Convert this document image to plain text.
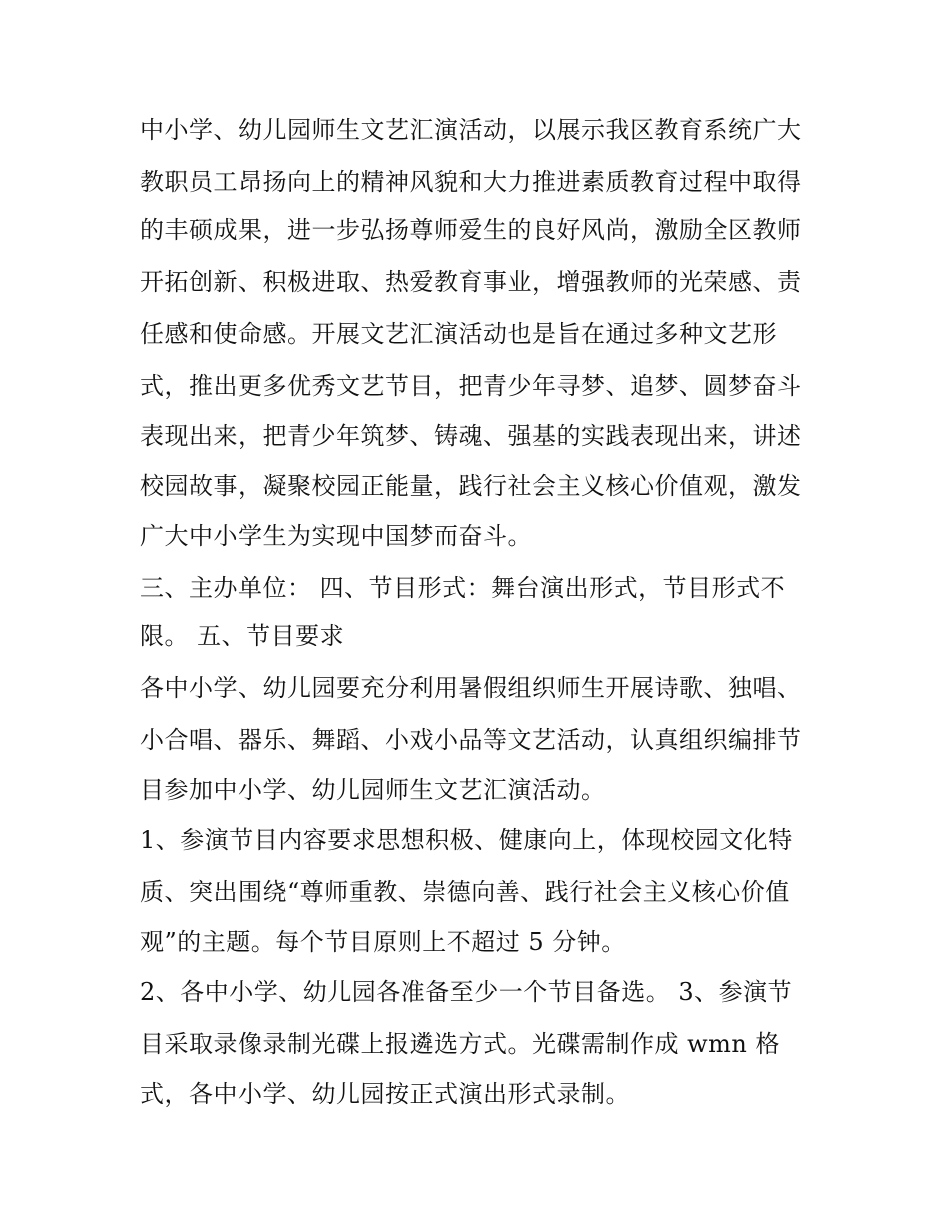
中小学、幼儿园师生文艺汇演活动，以展示我区教育系统广大
教职员工昂扬向上的精神风貌和大力推进素质教育过程中取得
的丰硕成果，进一步弘扬尊师爱生的良好风尚，激励全区教师
开拓创新、积极进取、热爱教育事业，增强教师的光荣感、责
任感和使命感。开展文艺汇演活动也是旨在通过多种文艺形
式，推出更多优秀文艺节目，把青少年寻梦、追梦、圆梦奋斗
表现出来，把青少年筑梦、铸魂、强基的实践表现出来，讲述
校园故事，凝聚校园正能量，践行社会主义核心价值观，激发
广大中小学生为实现中国梦而奋斗。
三、主办单位： 四、节目形式：舞台演出形式，节目形式不
限。 五、节目要求
各中小学、幼儿园要充分利用暑假组织师生开展诗歌、独唱、
小合唱、器乐、舞蹈、小戏小品等文艺活动，认真组织编排节
目参加中小学、幼儿园师生文艺汇演活动。
1、参演节目内容要求思想积极、健康向上，体现校园文化特
质、突出围绕“尊师重教、崇德向善、践行社会主义核心价值
观”的主题。每个节目原则上不超过 5 分钟。
2、各中小学、幼儿园各准备至少一个节目备选。 3、参演节
目采取录像录制光碟上报遴选方式。光碟需制作成 wmn 格
式，各中小学、幼儿园按正式演出形式录制。
